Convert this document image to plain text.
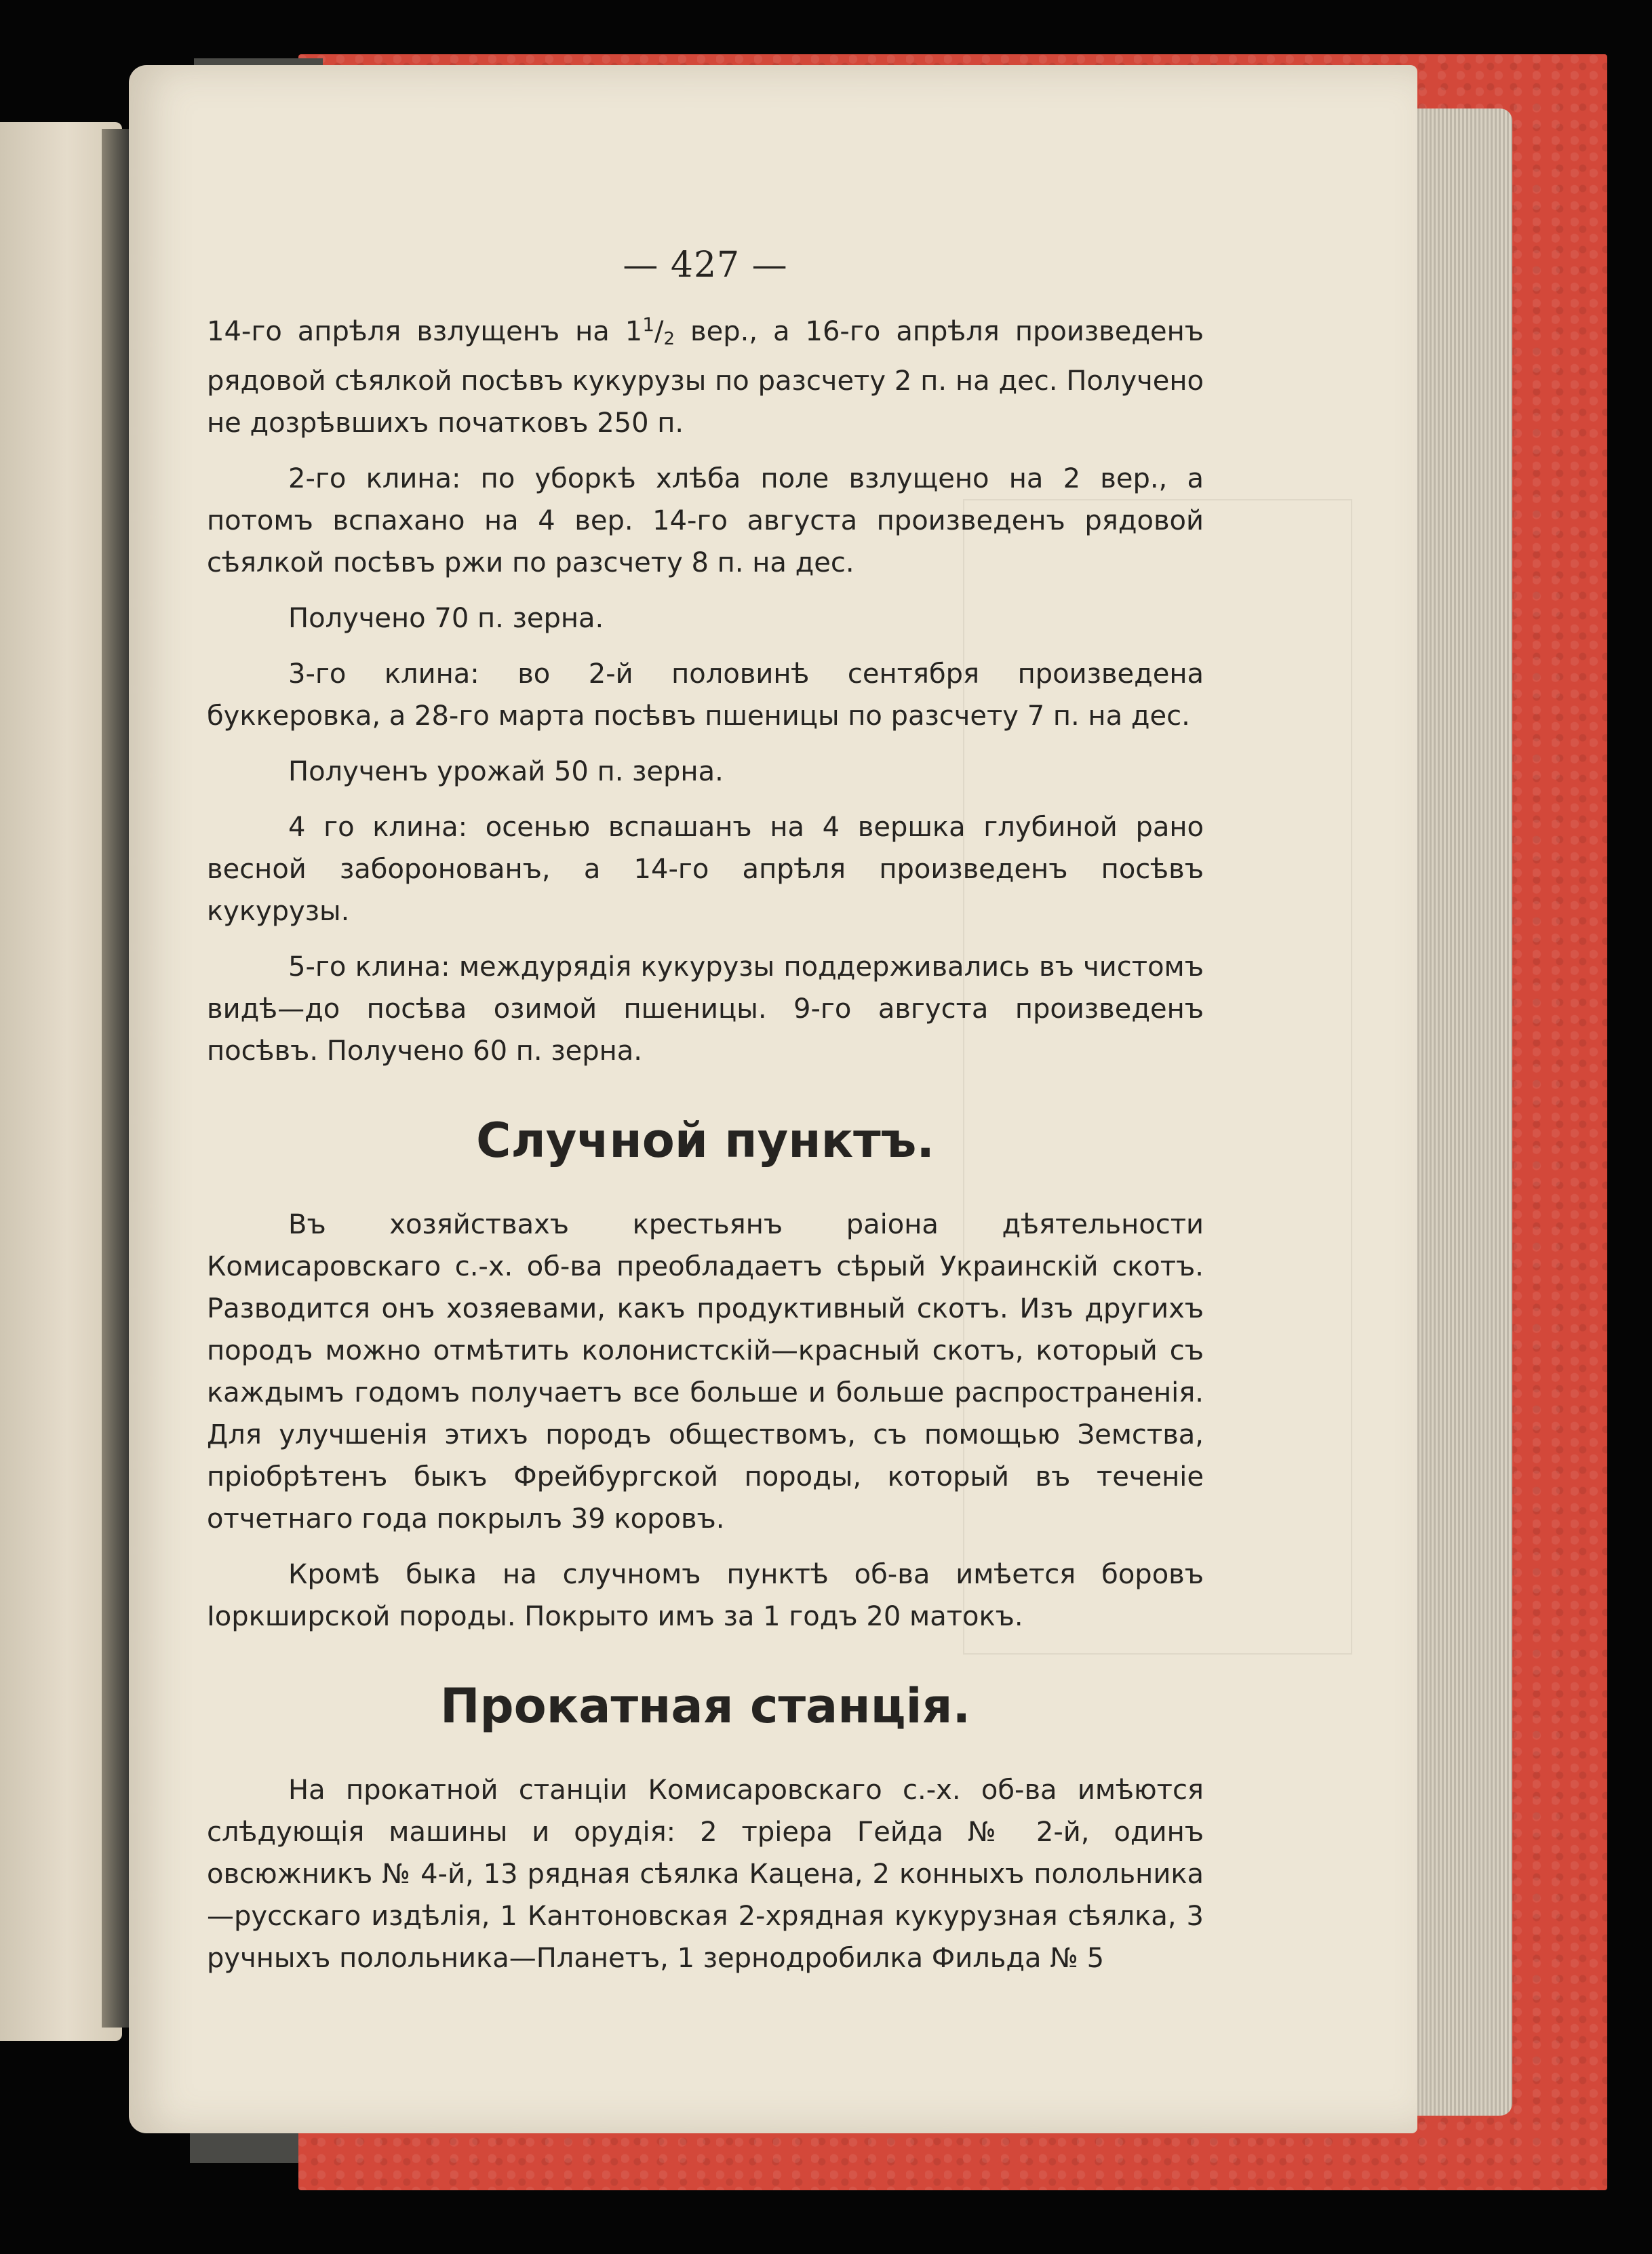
— 427 —

14-го апрѣля взлущенъ на $1^1/_2$ вер., а 16-го апрѣля произведенъ рядовой сѣялкой посѣвъ кукурузы по разсчету 2 п. на дес. Получено не дозрѣвшихъ початковъ 250 п.

2-го клина: по уборкѣ хлѣба поле взлущено на 2 вер., а потомъ вспахано на 4 вер. 14-го августа произведенъ рядовой сѣялкой посѣвъ ржи по разсчету 8 п. на дес.

Получено 70 п. зерна.

3-го клина: во 2-й половинѣ сентября произведена буккеровка, а 28-го марта посѣвъ пшеницы по разсчету 7 п. на дес.

Полученъ урожай 50 п. зерна.

4 го клина: осенью вспашанъ на 4 вершка глубиной рано весной заборонованъ, а 14-го апрѣля произведенъ посѣвъ кукурузы.

5-го клина: междурядія кукурузы поддерживались въ чистомъ видѣ—до посѣва озимой пшеницы. 9-го августа произведенъ посѣвъ. Получено 60 п. зерна.

Случной пунктъ.

Въ хозяйствахъ крестьянъ раiона дѣятельности Комисаровскаго с.-х. об-ва преобладаетъ сѣрый Украинскiй скотъ. Разводится онъ хозяевами, какъ продуктивный скотъ. Изъ другихъ породъ можно отмѣтить колонистскiй—красный скотъ, который съ каждымъ годомъ получаетъ все больше и больше распространенiя. Для улучшенiя этихъ породъ обществомъ, съ помощью Земства, прiобрѣтенъ быкъ Фрейбургской породы, который въ теченiе отчетнаго года покрылъ 39 коровъ.

Кромѣ быка на случномъ пунктѣ об-ва имѣется боровъ Iоркширской породы. Покрыто имъ за 1 годъ 20 матокъ.

Прокатная станцiя.

На прокатной станцiи Комисаровскаго с.-х. об-ва имѣются слѣдующiя машины и орудiя: 2 трiера Гейда № 2-й, одинъ овсюжникъ № 4-й, 13 рядная сѣялка Кацена, 2 конныхъ полольника—русскаго издѣлiя, 1 Кантоновская 2-хрядная кукурузная сѣялка, 3 ручныхъ полольника—Планетъ, 1 зернодробилка Фильда № 5
